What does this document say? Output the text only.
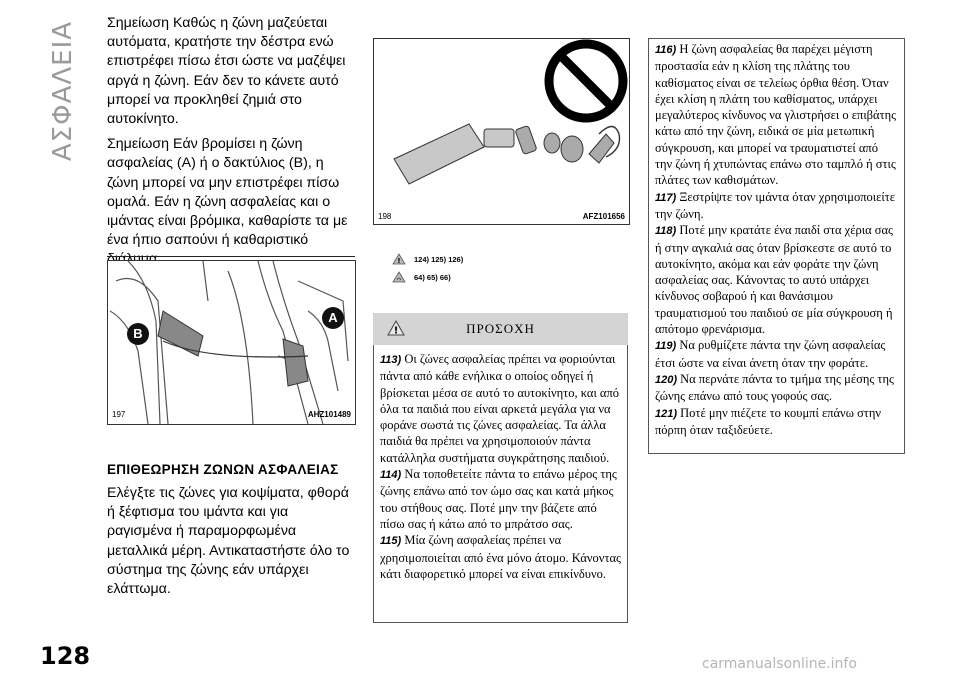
ΑΣΦΑΛΕΙΑ Σημείωση Καθώς η ζώνη μαζεύεται αυτόματα, κρατήστε την δέστρα ενώ επιστρέφει πίσω έτσι ώστε να μαζέψει αργά η ζώνη. Εάν δεν το κάνετε αυτό μπορεί να προκληθεί ζημιά στο αυτοκίνητο.

Σημείωση Εάν βρομίσει η ζώνη ασφαλείας (A) ή ο δακτύλιος (B), η ζώνη μπορεί να μην επιστρέφει πίσω ομαλά. Εάν η ζώνη ασφαλείας και ο ιμάντας είναι βρόμικα, καθαρίστε τα με ένα ήπιο σαπούνι ή καθαριστικό

B
A
197	AHZ101489
ΕΠΙΘΕΩΡΗΣΗ ΖΩΝΩΝ ΑΣΦΑΛΕΙΑΣ

Ελέγξτε τις ζώνες για κοψίματα, φθορά ή ξέφτισμα του ιμάντα και για ραγισμένα ή παραμορφωμένα μεταλλικά μέρη. Αντικαταστήστε όλο το σύστημα της ζώνης εάν υπάρχει ελάττωμα.

198	AFZ101656
! 124) 125) 126)
64) 65) 66)
!	ΠΡΟΣΟΧΗ

113) Οι ζώνες ασφαλείας πρέπει να φοριούνται πάντα από κάθε ενήλικα ο οποίος οδηγεί ή βρίσκεται μέσα σε αυτό το αυτοκίνητο, και από όλα τα παιδιά που είναι αρκετά μεγάλα για να φοράνε σωστά τις ζώνες ασφαλείας. Τα άλλα παιδιά θα πρέπει να χρησιμοποιούν πάντα κατάλληλα συστήματα συγκράτησης παιδιού.

114) Να τοποθετείτε πάντα το επάνω μέρος της ζώνης επάνω από τον ώμο σας και κατά μήκος του στήθους σας. Ποτέ μην την βάζετε από πίσω σας ή κάτω από το μπράτσο σας.

115) Μία ζώνη ασφαλείας πρέπει να χρησιμοποιείται από ένα μόνο άτομο. Κάνοντας κάτι διαφορετικό μπορεί να είναι επικίνδυνο.

116) Η ζώνη ασφαλείας θα παρέχει μέγιστη προστασία εάν η κλίση της πλάτης του καθίσματος είναι σε τελείως όρθια θέση. Όταν έχει κλίση η πλάτη του καθίσματος, υπάρχει μεγαλύτερος κίνδυνος να γλιστρήσει ο επιβάτης κάτω από την ζώνη, ειδικά σε μία μετωπική σύγκρουση, και μπορεί να τραυματιστεί από την ζώνη ή χτυπώντας επάνω στο ταμπλό ή στις πλάτες των καθισμάτων.

117) Ξεστρίψτε τον ιμάντα όταν χρησιμοποιείτε την ζώνη.

118) Ποτέ μην κρατάτε ένα παιδί στα χέρια σας ή στην αγκαλιά σας όταν βρίσκεστε σε αυτό το αυτοκίνητο, ακόμα και εάν φοράτε την ζώνη ασφαλείας σας. Κάνοντας το αυτό υπάρχει κίνδυνος σοβαρού ή και θανάσιμου τραυματισμού του παιδιού σε μία σύγκρουση ή απότομο φρενάρισμα.

119) Να ρυθμίζετε πάντα την ζώνη ασφαλείας έτσι ώστε να είναι άνετη όταν την φοράτε.

120) Να περνάτε πάντα το τμήμα της μέσης της ζώνης επάνω από τους γοφούς σας.

121) Ποτέ μην πιέζετε το κουμπί επάνω στην πόρπη όταν ταξιδεύετε.

128	carmanualsonline.info
